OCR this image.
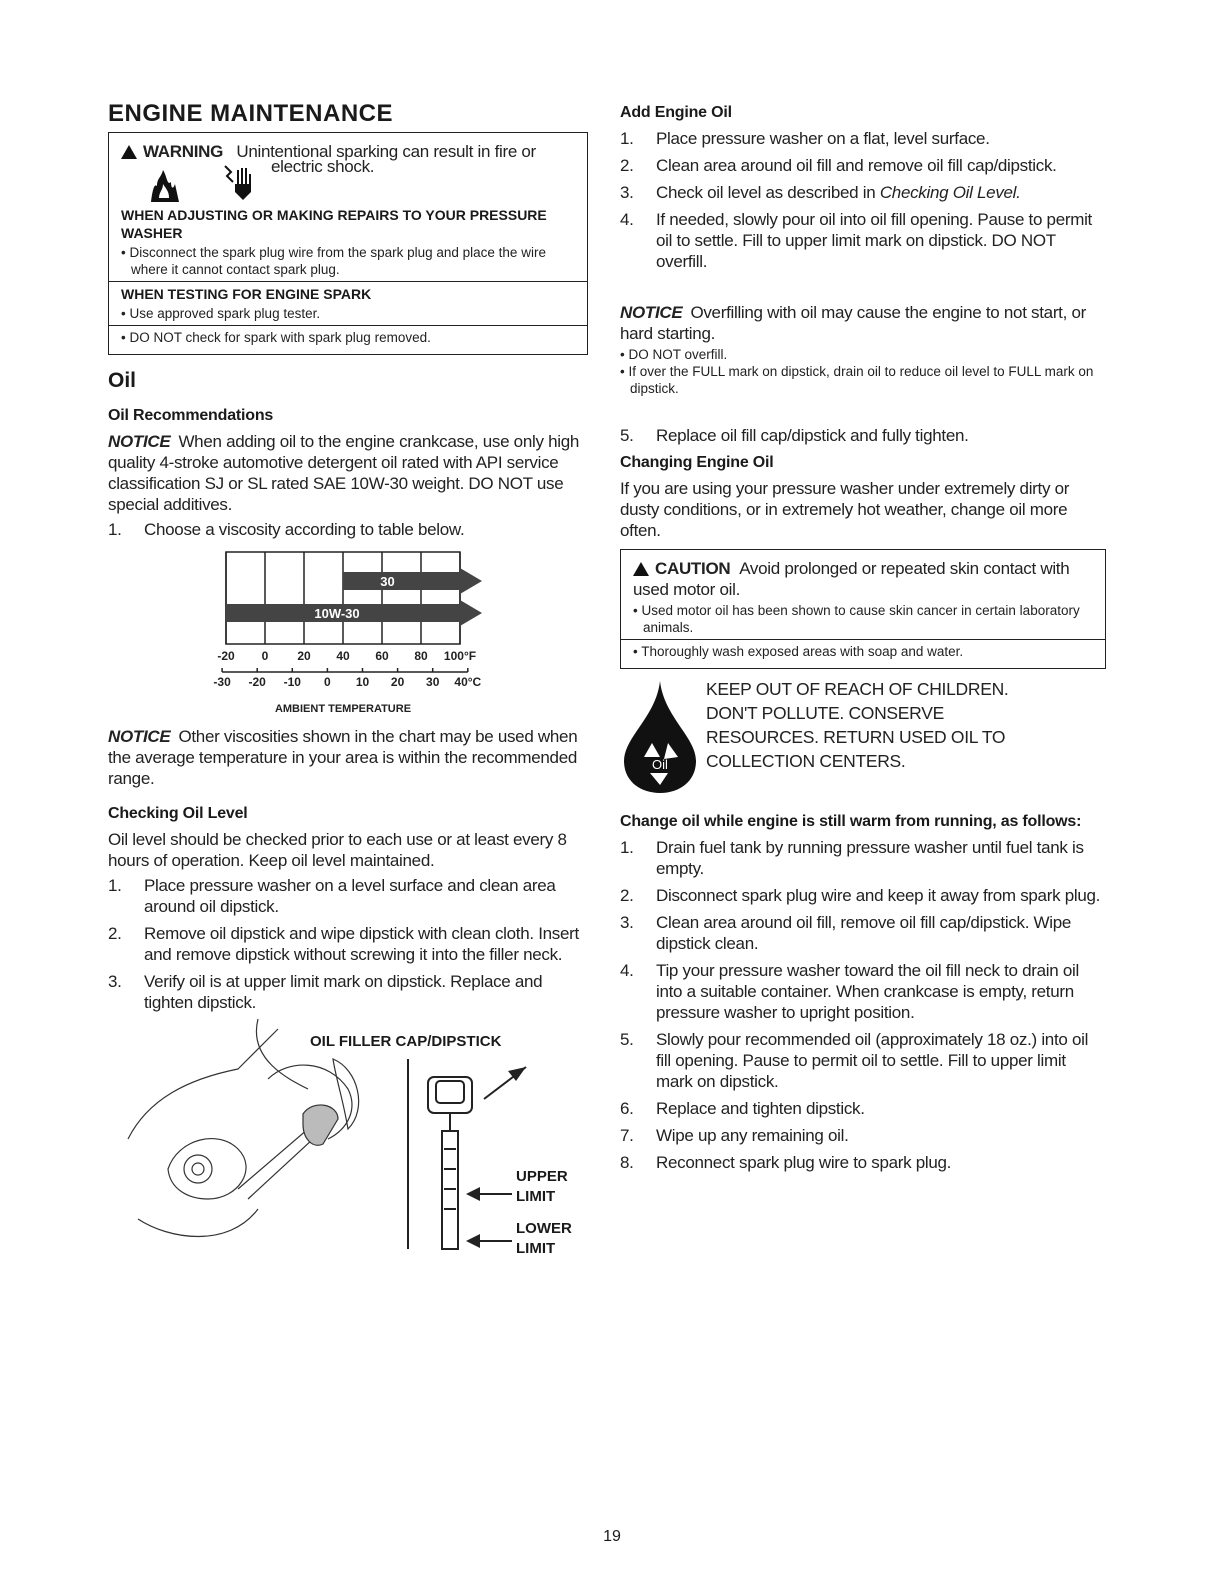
ENGINE MAINTENANCE
WARNING Unintentional sparking can result in fire or
electric shock.
WHEN ADJUSTING OR MAKING REPAIRS TO YOUR PRESSURE WASHER
• Disconnect the spark plug wire from the spark plug and place the wire where it cannot contact spark plug.
WHEN TESTING FOR ENGINE SPARK
• Use approved spark plug tester.
• DO NOT check for spark with spark plug removed.
Oil
Oil Recommendations
NOTICE When adding oil to the engine crankcase, use only high quality 4-stroke automotive detergent oil rated with API service classification SJ or SL rated SAE 10W-30 weight. DO NOT use special additives.
1.	Choose a viscosity according to table below.
30
10W-30
-20 0 20 40 60 80 100°F
-30 -20 -10 0 10 20 30 40°C
AMBIENT TEMPERATURE
NOTICE Other viscosities shown in the chart may be used when the average temperature in your area is within the recommended range.
Checking Oil Level
Oil level should be checked prior to each use or at least every 8 hours of operation. Keep oil level maintained.
1.	Place pressure washer on a level surface and clean area around oil dipstick.
2.	Remove oil dipstick and wipe dipstick with clean cloth. Insert and remove dipstick without screwing it into the filler neck.
3.	Verify oil is at upper limit mark on dipstick. Replace and tighten dipstick.
OIL FILLER CAP/DIPSTICK
UPPER
LIMIT
LOWER
LIMIT
Add Engine Oil
1.	Place pressure washer on a flat, level surface.
2.	Clean area around oil fill and remove oil fill cap/dipstick.
3.	Check oil level as described in Checking Oil Level.
4.	If needed, slowly pour oil into oil fill opening. Pause to permit oil to settle. Fill to upper limit mark on dipstick. DO NOT overfill.
NOTICE Overfilling with oil may cause the engine to not start, or hard starting.
• DO NOT overfill.
• If over the FULL mark on dipstick, drain oil to reduce oil level to FULL mark on dipstick.
5.	Replace oil fill cap/dipstick and fully tighten.
Changing Engine Oil
If you are using your pressure washer under extremely dirty or dusty conditions, or in extremely hot weather, change oil more often.
CAUTION Avoid prolonged or repeated skin contact with used motor oil.
• Used motor oil has been shown to cause skin cancer in certain laboratory animals.
• Thoroughly wash exposed areas with soap and water.
Oil
KEEP OUT OF REACH OF CHILDREN. DON'T POLLUTE. CONSERVE RESOURCES. RETURN USED OIL TO COLLECTION CENTERS.
Change oil while engine is still warm from running, as follows:
1.	Drain fuel tank by running pressure washer until fuel tank is empty.
2.	Disconnect spark plug wire and keep it away from spark plug.
3.	Clean area around oil fill, remove oil fill cap/dipstick. Wipe dipstick clean.
4.	Tip your pressure washer toward the oil fill neck to drain oil into a suitable container. When crankcase is empty, return pressure washer to upright position.
5.	Slowly pour recommended oil (approximately 18 oz.) into oil fill opening. Pause to permit oil to settle. Fill to upper limit mark on dipstick.
6.	Replace and tighten dipstick.
7.	Wipe up any remaining oil.
8.	Reconnect spark plug wire to spark plug.
19
